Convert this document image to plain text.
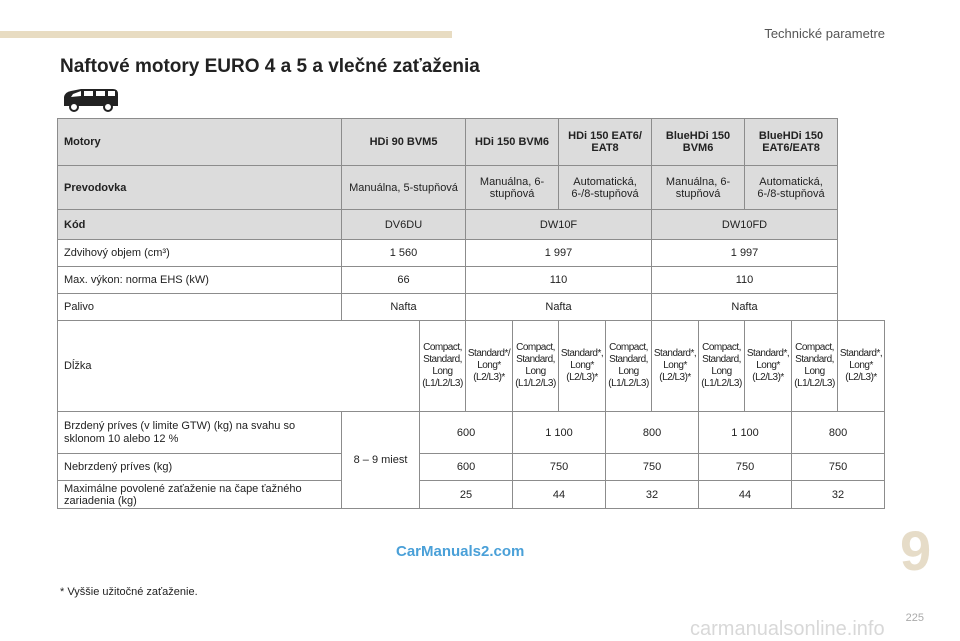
Technické parametre
Naftové motory EURO 4 a 5 a vlečné zaťaženia
Motory	HDi 90 BVM5		HDi 150 BVM6		HDi 150 EAT6/ EAT8		BlueHDi 150 BVM6		BlueHDi 150 EAT6/EAT8		
Prevodovka	Manuálna, 5-stupňová		Manuálna, 6-stupňová		Automatická, 6-/8-stupňová		Manuálna, 6-stupňová		Automatická, 6-/8-stupňová		
Kód	DV6DU		DW10F				DW10FD				
Zdvihový objem (cm³)	1 560		1 997				1 997				
Max. výkon: norma EHS (kW)	66		110				110				
Palivo	Nafta		Nafta				Nafta				
Dĺžka		Compact, Standard, Long (L1/L2/L3)	Standard*/ Long* (L2/L3)*	Compact, Standard, Long (L1/L2/L3)	Standard*, Long* (L2/L3)*	Compact, Standard, Long (L1/L2/L3)	Standard*, Long* (L2/L3)*	Compact, Standard, Long (L1/L2/L3)	Standard*, Long* (L2/L3)*	Compact, Standard, Long (L1/L2/L3)	Standard*, Long* (L2/L3)*
Brzdený príves (v limite GTW) (kg) na svahu so sklonom 10 alebo 12 %	8 – 9 miest	600		1 100		800		1 100		800	
Nebrzdený príves (kg)		600		750		750		750		750	
Maximálne povolené zaťaženie na čape ťažného zariadenia (kg)		25		44		32		44		32	
9
CarManuals2.com
* Vyššie užitočné zaťaženie.
225
carmanualsonline.info
